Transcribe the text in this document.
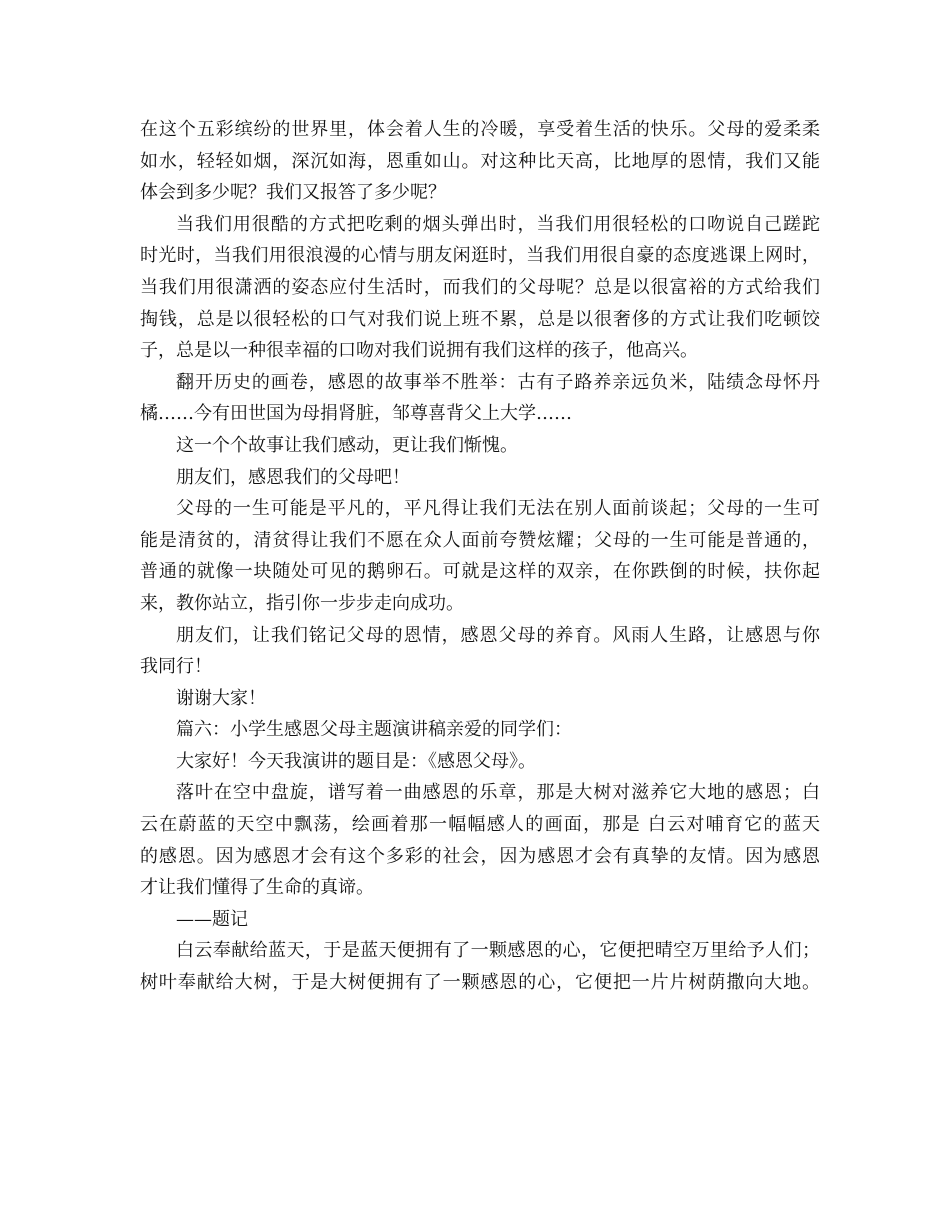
在这个五彩缤纷的世界里，体会着人生的冷暖，享受着生活的快乐。父母的爱柔柔
如水，轻轻如烟，深沉如海，恩重如山。对这种比天高，比地厚的恩情，我们又能
体会到多少呢？我们又报答了多少呢？
当我们用很酷的方式把吃剩的烟头弹出时，当我们用很轻松的口吻说自己蹉跎
时光时，当我们用很浪漫的心情与朋友闲逛时，当我们用很自豪的态度逃课上网时，
当我们用很潇洒的姿态应付生活时，而我们的父母呢？总是以很富裕的方式给我们
掏钱，总是以很轻松的口气对我们说上班不累，总是以很奢侈的方式让我们吃顿饺
子，总是以一种很幸福的口吻对我们说拥有我们这样的孩子，他高兴。
翻开历史的画卷，感恩的故事举不胜举：古有子路养亲远负米，陆绩念母怀丹
橘……今有田世国为母捐肾脏，邹尊喜背父上大学……
这一个个故事让我们感动，更让我们惭愧。
朋友们，感恩我们的父母吧！
父母的一生可能是平凡的，平凡得让我们无法在别人面前谈起；父母的一生可
能是清贫的，清贫得让我们不愿在众人面前夸赞炫耀；父母的一生可能是普通的，
普通的就像一块随处可见的鹅卵石。可就是这样的双亲，在你跌倒的时候，扶你起
来，教你站立，指引你一步步走向成功。
朋友们，让我们铭记父母的恩情，感恩父母的养育。风雨人生路，让感恩与你
我同行！
谢谢大家！
篇六：小学生感恩父母主题演讲稿亲爱的同学们：
大家好！今天我演讲的题目是：《感恩父母》。
落叶在空中盘旋，谱写着一曲感恩的乐章，那是大树对滋养它大地的感恩；白
云在蔚蓝的天空中飘荡，绘画着那一幅幅感人的画面，那是 白云对哺育它的蓝天
的感恩。因为感恩才会有这个多彩的社会，因为感恩才会有真挚的友情。因为感恩
才让我们懂得了生命的真谛。
——题记
白云奉献给蓝天，于是蓝天便拥有了一颗感恩的心，它便把晴空万里给予人们；
树叶奉献给大树，于是大树便拥有了一颗感恩的心，它便把一片片树荫撒向大地。
